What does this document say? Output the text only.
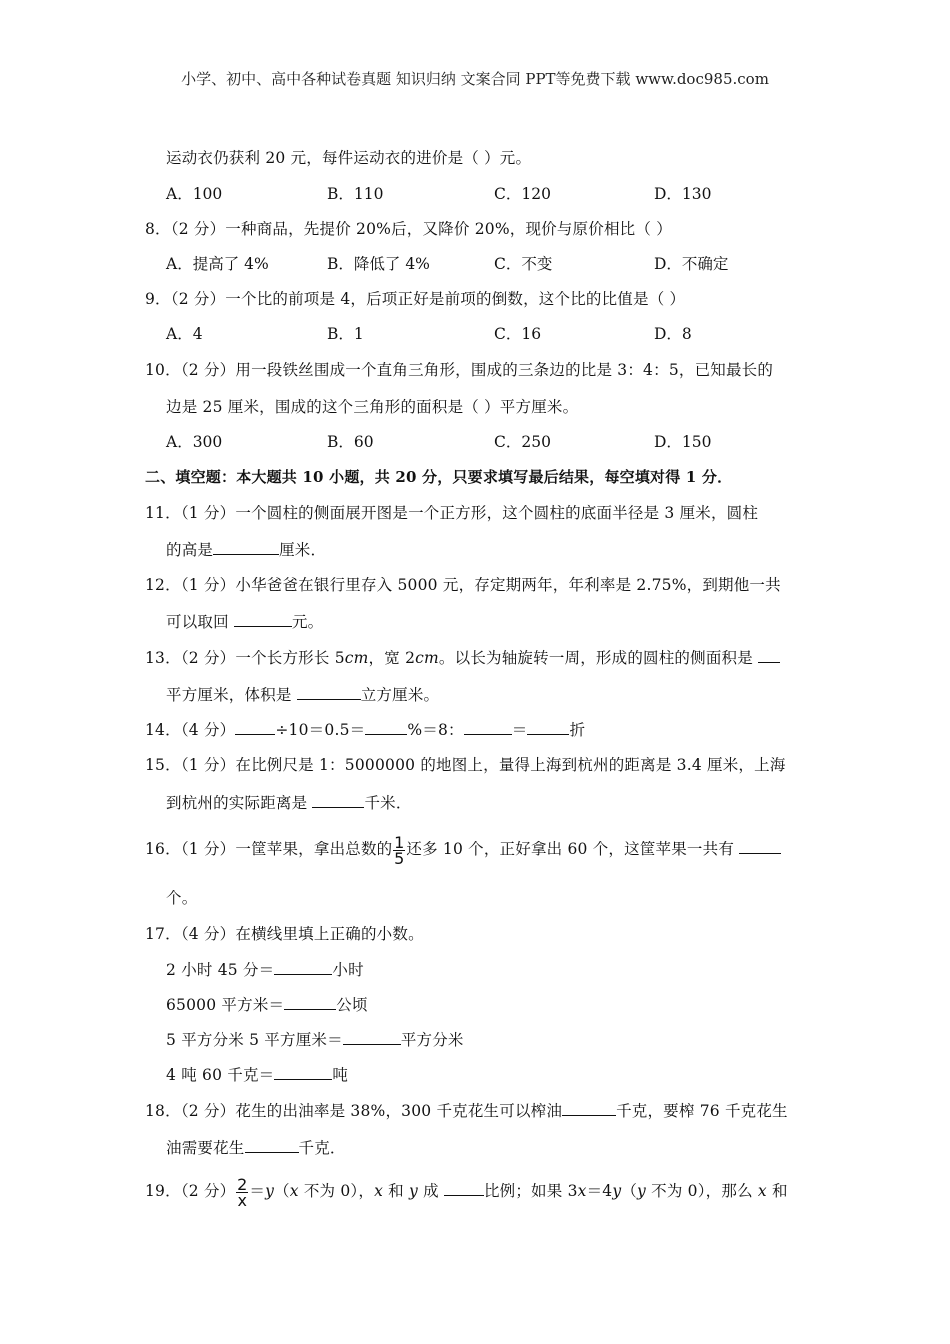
小学、初中、高中各种试卷真题 知识归纳 文案合同 PPT等免费下载 www.doc985.com
运动衣仍获利 20 元，每件运动衣的进价是（ ）元。
A．100	B．110	C．120	D．130
8．（2 分）一种商品，先提价 20%后，又降价 20%，现价与原价相比（ ）
A．提高了 4%	B．降低了 4%	C．不变	D．不确定
9．（2 分）一个比的前项是 4，后项正好是前项的倒数，这个比的比值是（ ）
A．4	B．1	C．16	D．8
10．（2 分）用一段铁丝围成一个直角三角形，围成的三条边的比是 3：4：5，已知最长的
边是 25 厘米，围成的这个三角形的面积是（ ）平方厘米。
A．300	B．60	C．250	D．150
二、填空题：本大题共 10 小题，共 20 分，只要求填写最后结果，每空填对得 1 分．
11．（1 分）一个圆柱的侧面展开图是一个正方形，这个圆柱的底面半径是 3 厘米，圆柱
的高是	厘米．
12．（1 分）小华爸爸在银行里存入 5000 元，存定期两年，年利率是 2.75%，到期他一共
可以取回	元。
13．（2 分）一个长方形长 5cm，宽 2cm。以长为轴旋转一周，形成的圆柱的侧面积是
平方厘米，体积是	立方厘米。
14．（4 分）	÷10＝0.5＝	%＝8：	＝	折
15．（1 分）在比例尺是 1：5000000 的地图上，量得上海到杭州的距离是 3.4 厘米，上海
到杭州的实际距离是	千米．
16．（1 分）一筐苹果，拿出总数的 $\frac{1}{5}$ 还多 10 个，正好拿出 60 个，这筐苹果一共有
个。
17．（4 分）在横线里填上正确的小数。
2 小时 45 分＝	小时
65000 平方米＝	公顷
5 平方分米 5 平方厘米＝	平方分米
4 吨 60 千克＝	吨
18．（2 分）花生的出油率是 38%，300 千克花生可以榨油	千克，要榨 76 千克花生
油需要花生	千克．
19．（2 分） $\frac{2}{x} =y(x$ 不为 0），x 和 y 成	比例；如果 3x＝4y（y 不为 0），那么 x 和
